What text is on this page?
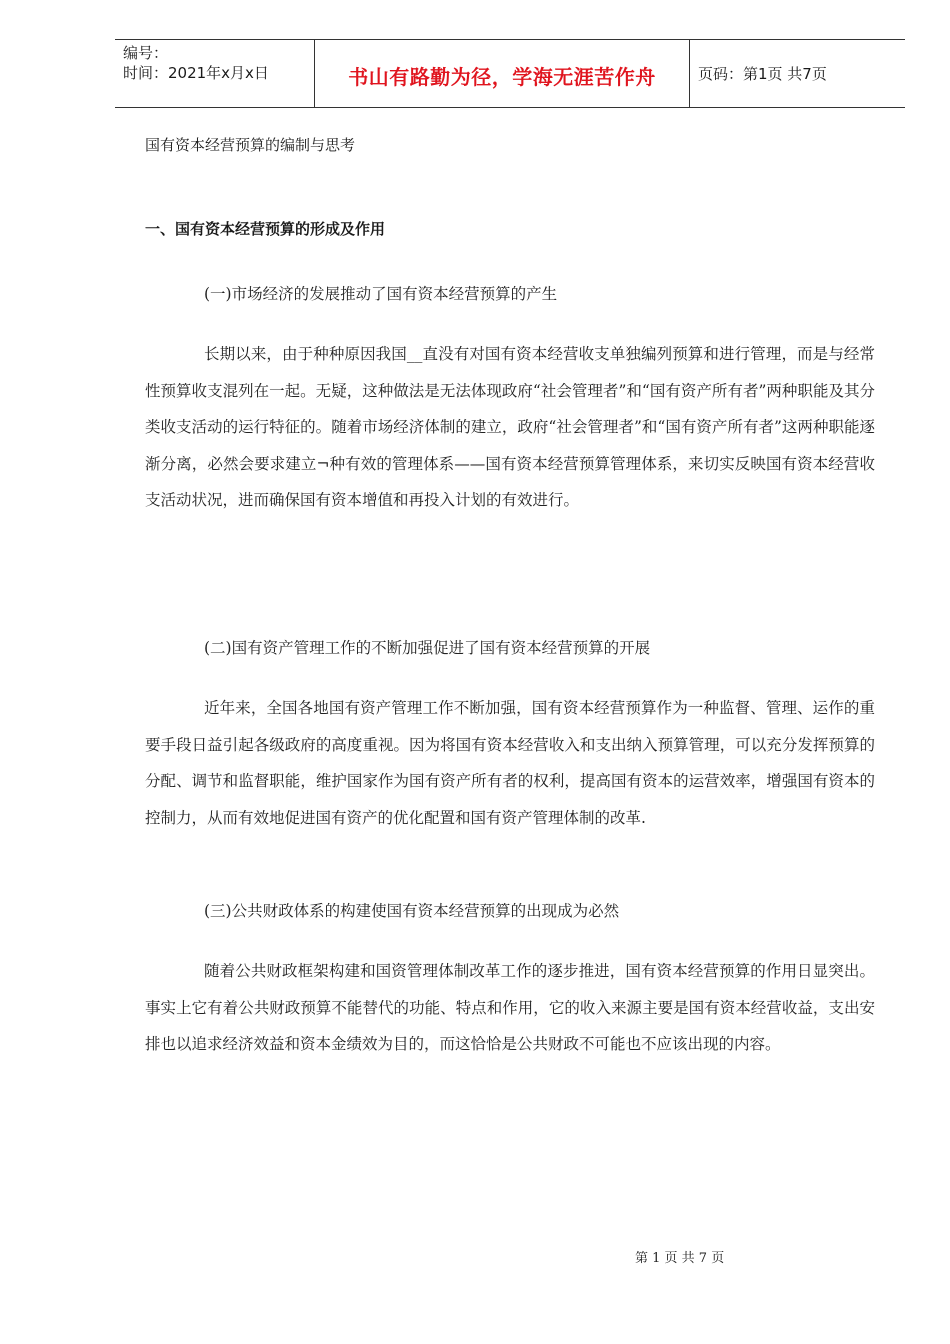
编号：
时间：2021年x月x日	书山有路勤为径，学海无涯苦作舟	页码：第1页 共7页
国有资本经营预算的编制与思考
一、国有资本经营预算的形成及作用
(一)市场经济的发展推动了国有资本经营预算的产生
长期以来，由于种种原因我国__直没有对国有资本经营收支单独编列预算和进行管理，而是与经常性预算收支混列在一起。无疑，这种做法是无法体现政府“社会管理者”和“国有资产所有者”两种职能及其分类收支活动的运行特征的。随着市场经济体制的建立，政府“社会管理者”和“国有资产所有者”这两种职能逐渐分离，必然会要求建立¬种有效的管理体系——国有资本经营预算管理体系，来切实反映国有资本经营收支活动状况，进而确保国有资本增值和再投入计划的有效进行。
(二)国有资产管理工作的不断加强促进了国有资本经营预算的开展
近年来，全国各地国有资产管理工作不断加强，国有资本经营预算作为一种监督、管理、运作的重要手段日益引起各级政府的高度重视。因为将国有资本经营收入和支出纳入预算管理，可以充分发挥预算的分配、调节和监督职能，维护国家作为国有资产所有者的权利，提高国有资本的运营效率，增强国有资本的控制力，从而有效地促进国有资产的优化配置和国有资产管理体制的改革.
(三)公共财政体系的构建使国有资本经营预算的出现成为必然
随着公共财政框架构建和国资管理体制改革工作的逐步推进，国有资本经营预算的作用日显突出。事实上它有着公共财政预算不能替代的功能、特点和作用，它的收入来源主要是国有资本经营收益，支出安排也以追求经济效益和资本金绩效为目的，而这恰恰是公共财政不可能也不应该出现的内容。
第 1 页 共 7 页
